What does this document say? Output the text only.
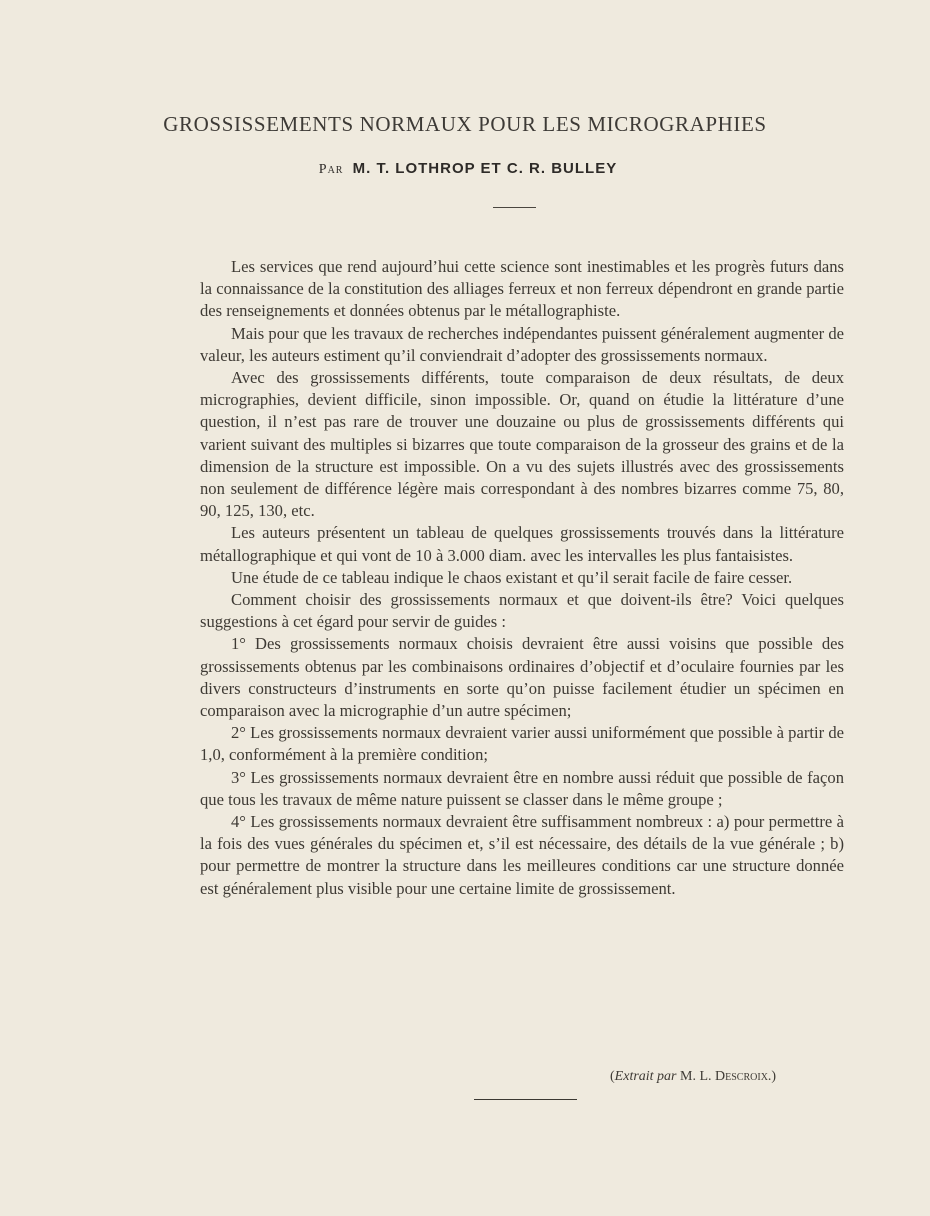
GROSSISSEMENTS NORMAUX POUR LES MICROGRAPHIES
Par M. T. LOTHROP ET C. R. BULLEY

Les services que rend aujourd’hui cette science sont inestimables et les progrès futurs dans la connaissance de la constitution des alliages ferreux et non ferreux dépendront en grande partie des renseignements et données obtenus par le métallographiste.

Mais pour que les travaux de recherches indépendantes puissent généralement augmenter de valeur, les auteurs estiment qu’il conviendrait d’adopter des grossissements normaux.

Avec des grossissements différents, toute comparaison de deux résultats, de deux micrographies, devient difficile, sinon impossible. Or, quand on étudie la littérature d’une question, il n’est pas rare de trouver une douzaine ou plus de grossissements différents qui varient suivant des multiples si bizarres que toute comparaison de la grosseur des grains et de la dimension de la structure est impossible. On a vu des sujets illustrés avec des grossissements non seulement de différence légère mais correspondant à des nombres bizarres comme 75, 80, 90, 125, 130, etc.

Les auteurs présentent un tableau de quelques grossissements trouvés dans la littérature métallographique et qui vont de 10 à 3.000 diam. avec les intervalles les plus fantaisistes.

Une étude de ce tableau indique le chaos existant et qu’il serait facile de faire cesser.

Comment choisir des grossissements normaux et que doivent-ils être? Voici quelques suggestions à cet égard pour servir de guides :

1° Des grossissements normaux choisis devraient être aussi voisins que possible des grossissements obtenus par les combinaisons ordinaires d’objectif et d’oculaire fournies par les divers constructeurs d’instruments en sorte qu’on puisse facilement étudier un spécimen en comparaison avec la micrographie d’un autre spécimen;

2° Les grossissements normaux devraient varier aussi uniformément que possible à partir de 1,0, conformément à la première condition;

3° Les grossissements normaux devraient être en nombre aussi réduit que possible de façon que tous les travaux de même nature puissent se classer dans le même groupe ;

4° Les grossissements normaux devraient être suffisamment nombreux : a) pour permettre à la fois des vues générales du spécimen et, s’il est nécessaire, des détails de la vue générale ; b) pour permettre de montrer la structure dans les meilleures conditions car une structure donnée est généralement plus visible pour une certaine limite de grossissement.

(Extrait par M. L. Descroix.)
